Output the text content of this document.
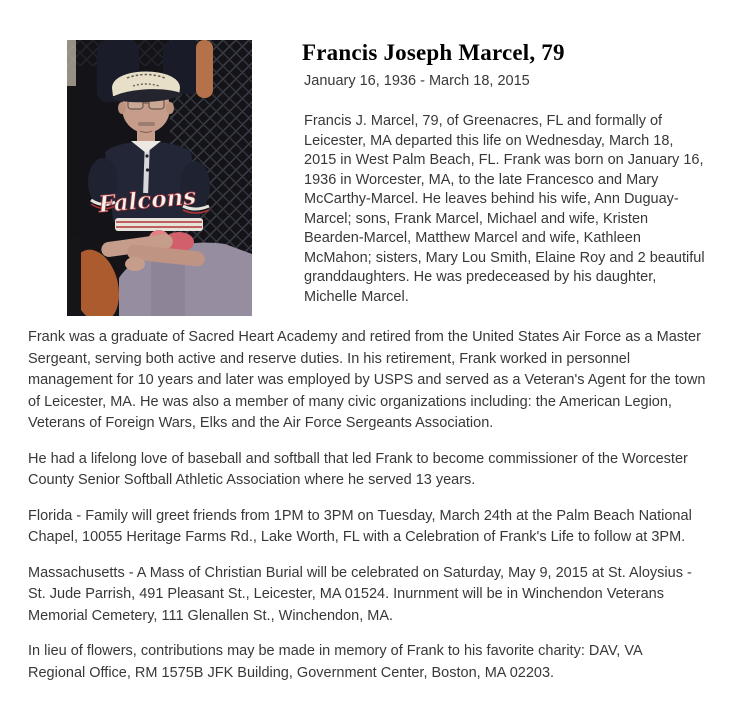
Falcons
Francis Joseph Marcel, 79
January 16, 1936 - March 18, 2015
Francis J. Marcel, 79, of Greenacres, FL and formally of
Leicester, MA departed this life on Wednesday, March 18,
2015 in West Palm Beach, FL. Frank was born on January 16,
1936 in Worcester, MA, to the late Francesco and Mary
McCarthy-Marcel. He leaves behind his wife, Ann Duguay-
Marcel; sons, Frank Marcel, Michael and wife, Kristen
Bearden-Marcel, Matthew Marcel and wife, Kathleen
McMahon; sisters, Mary Lou Smith, Elaine Roy and 2 beautiful
granddaughters. He was predeceased by his daughter,
Michelle Marcel.

Frank was a graduate of Sacred Heart Academy and retired from the United States Air Force as a Master
Sergeant, serving both active and reserve duties. In his retirement, Frank worked in personnel
management for 10 years and later was employed by USPS and served as a Veteran's Agent for the town
of Leicester, MA. He was also a member of many civic organizations including: the American Legion,
Veterans of Foreign Wars, Elks and the Air Force Sergeants Association.

He had a lifelong love of baseball and softball that led Frank to become commissioner of the Worcester
County Senior Softball Athletic Association where he served 13 years.

Florida - Family will greet friends from 1PM to 3PM on Tuesday, March 24th at the Palm Beach National
Chapel, 10055 Heritage Farms Rd., Lake Worth, FL with a Celebration of Frank's Life to follow at 3PM.

Massachusetts - A Mass of Christian Burial will be celebrated on Saturday, May 9, 2015 at St. Aloysius -
St. Jude Parrish, 491 Pleasant St., Leicester, MA 01524. Inurnment will be in Winchendon Veterans
Memorial Cemetery, 111 Glenallen St., Winchendon, MA.

In lieu of flowers, contributions may be made in memory of Frank to his favorite charity: DAV, VA
Regional Office, RM 1575B JFK Building, Government Center, Boston, MA 02203.
